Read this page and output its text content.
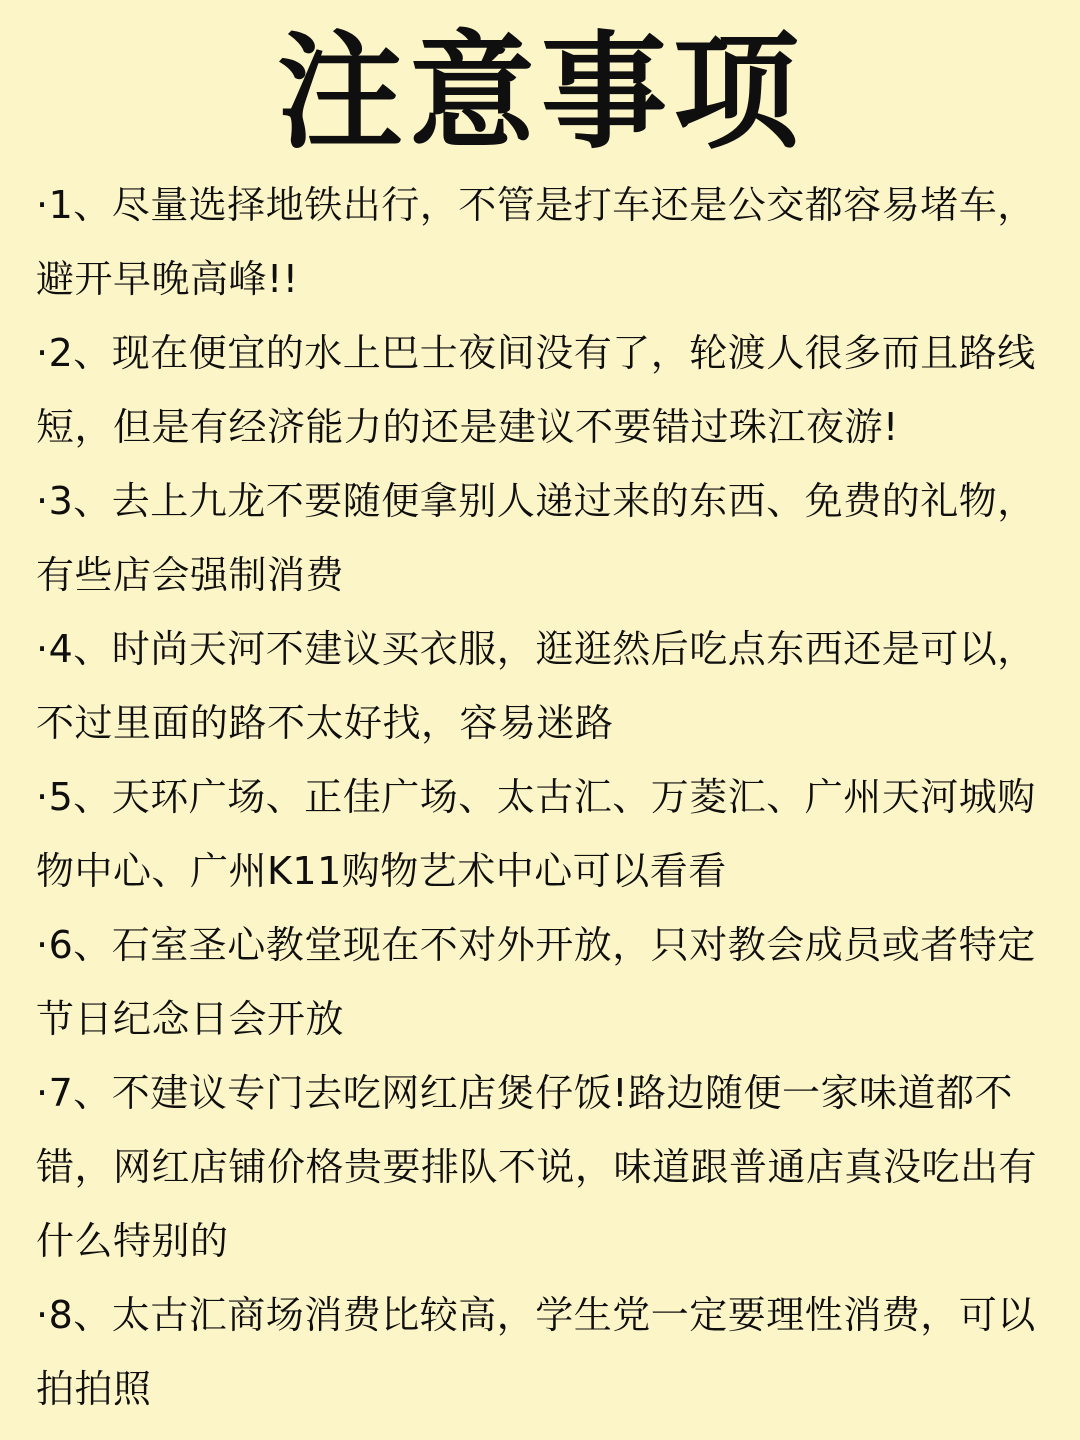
注意事项
·1、尽量选择地铁出行，不管是打车还是公交都容易堵车，避开早晚高峰!!
·2、现在便宜的水上巴士夜间没有了，轮渡人很多而且路线短，但是有经济能力的还是建议不要错过珠江夜游!
·3、去上九龙不要随便拿别人递过来的东西、免费的礼物，有些店会强制消费
·4、时尚天河不建议买衣服，逛逛然后吃点东西还是可以，不过里面的路不太好找，容易迷路
·5、天环广场、正佳广场、太古汇、万菱汇、广州天河城购物中心、广州K11购物艺术中心可以看看
·6、石室圣心教堂现在不对外开放，只对教会成员或者特定节日纪念日会开放
·7、不建议专门去吃网红店煲仔饭!路边随便一家味道都不错，网红店铺价格贵要排队不说，味道跟普通店真没吃出有什么特别的
·8、太古汇商场消费比较高，学生党一定要理性消费，可以拍拍照
